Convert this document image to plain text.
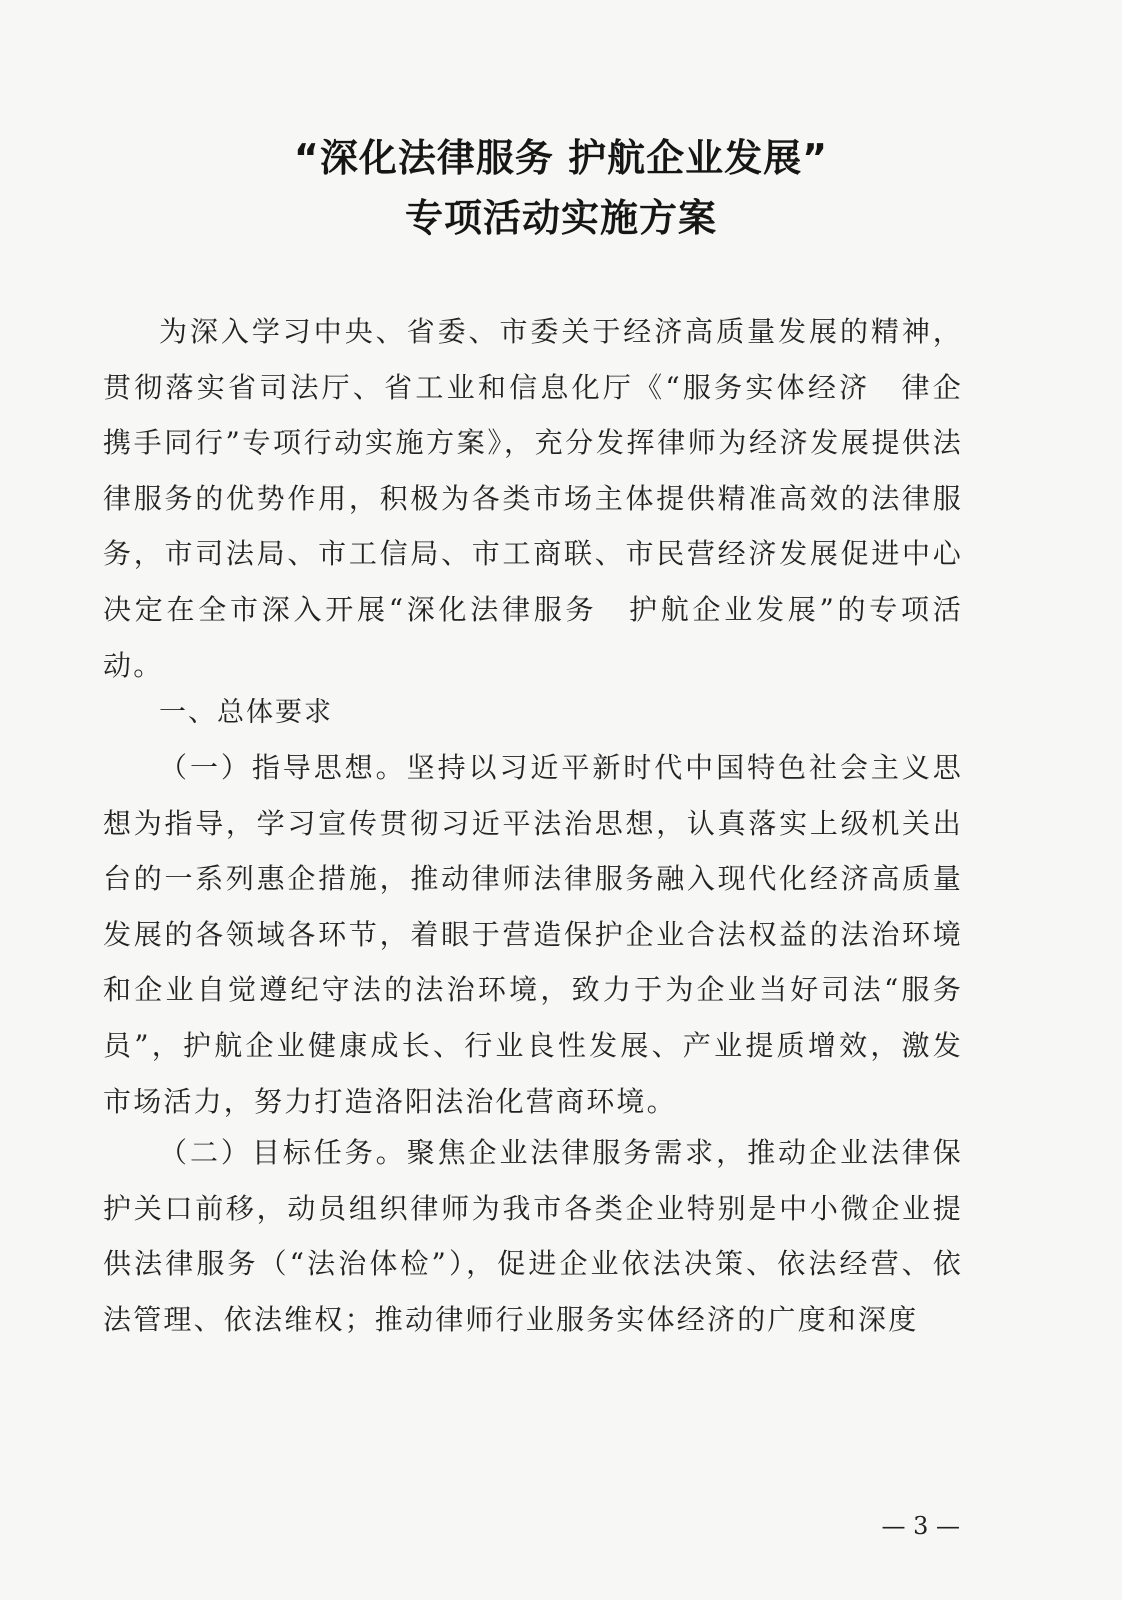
“深化法律服务 护航企业发展”
专项活动实施方案
为深入学习中央、省委、市委关于经济高质量发展的精神，贯彻落实省司法厅、省工业和信息化厅《“服务实体经济　律企携手同行”专项行动实施方案》，充分发挥律师为经济发展提供法律服务的优势作用，积极为各类市场主体提供精准高效的法律服务，市司法局、市工信局、市工商联、市民营经济发展促进中心决定在全市深入开展“深化法律服务　护航企业发展”的专项活动。
一、总体要求
（一）指导思想。坚持以习近平新时代中国特色社会主义思想为指导，学习宣传贯彻习近平法治思想，认真落实上级机关出台的一系列惠企措施，推动律师法律服务融入现代化经济高质量发展的各领域各环节，着眼于营造保护企业合法权益的法治环境和企业自觉遵纪守法的法治环境，致力于为企业当好司法“服务员”，护航企业健康成长、行业良性发展、产业提质增效，激发市场活力，努力打造洛阳法治化营商环境。
（二）目标任务。聚焦企业法律服务需求，推动企业法律保护关口前移，动员组织律师为我市各类企业特别是中小微企业提供法律服务（“法治体检”），促进企业依法决策、依法经营、依法管理、依法维权；推动律师行业服务实体经济的广度和深度
— 3 —
